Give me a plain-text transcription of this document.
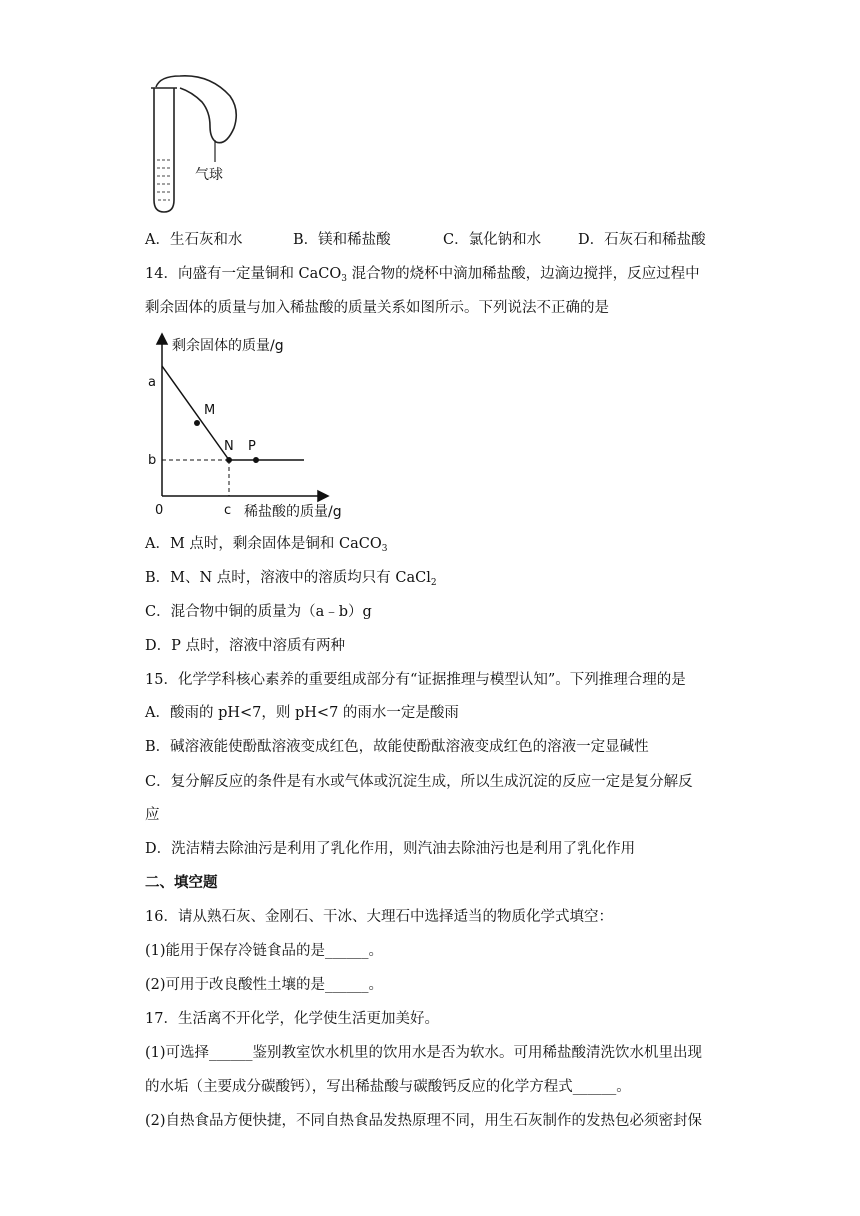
气球
A．生石灰和水	B．镁和稀盐酸	C．氯化钠和水	D．石灰石和稀盐酸
14．向盛有一定量铜和 CaCO$_3$ 混合物的烧杯中滴加稀盐酸，边滴边搅拌，反应过程中
剩余固体的质量与加入稀盐酸的质量关系如图所示。下列说法不正确的是
剩余固体的质量/g
稀盐酸的质量/g
0
a
b
c
M
N P
A．M 点时，剩余固体是铜和 CaCO$_3$
B．M、N 点时，溶液中的溶质均只有 CaCl$_2$
C．混合物中铜的质量为（a﹣b）g
D．P 点时，溶液中溶质有两种
15．化学学科核心素养的重要组成部分有“证据推理与模型认知”。下列推理合理的是
A．酸雨的 pH<7，则 pH<7 的雨水一定是酸雨
B．碱溶液能使酚酞溶液变成红色，故能使酚酞溶液变成红色的溶液一定显碱性
C．复分解反应的条件是有水或气体或沉淀生成，所以生成沉淀的反应一定是复分解反
应
D．洗洁精去除油污是利用了乳化作用，则汽油去除油污也是利用了乳化作用
二、填空题
16．请从熟石灰、金刚石、干冰、大理石中选择适当的物质化学式填空：
(1)能用于保存冷链食品的是______。
(2)可用于改良酸性土壤的是______。
17．生活离不开化学，化学使生活更加美好。
(1)可选择______鉴别教室饮水机里的饮用水是否为软水。可用稀盐酸清洗饮水机里出现
的水垢（主要成分碳酸钙），写出稀盐酸与碳酸钙反应的化学方程式______。
(2)自热食品方便快捷，不同自热食品发热原理不同，用生石灰制作的发热包必须密封保
